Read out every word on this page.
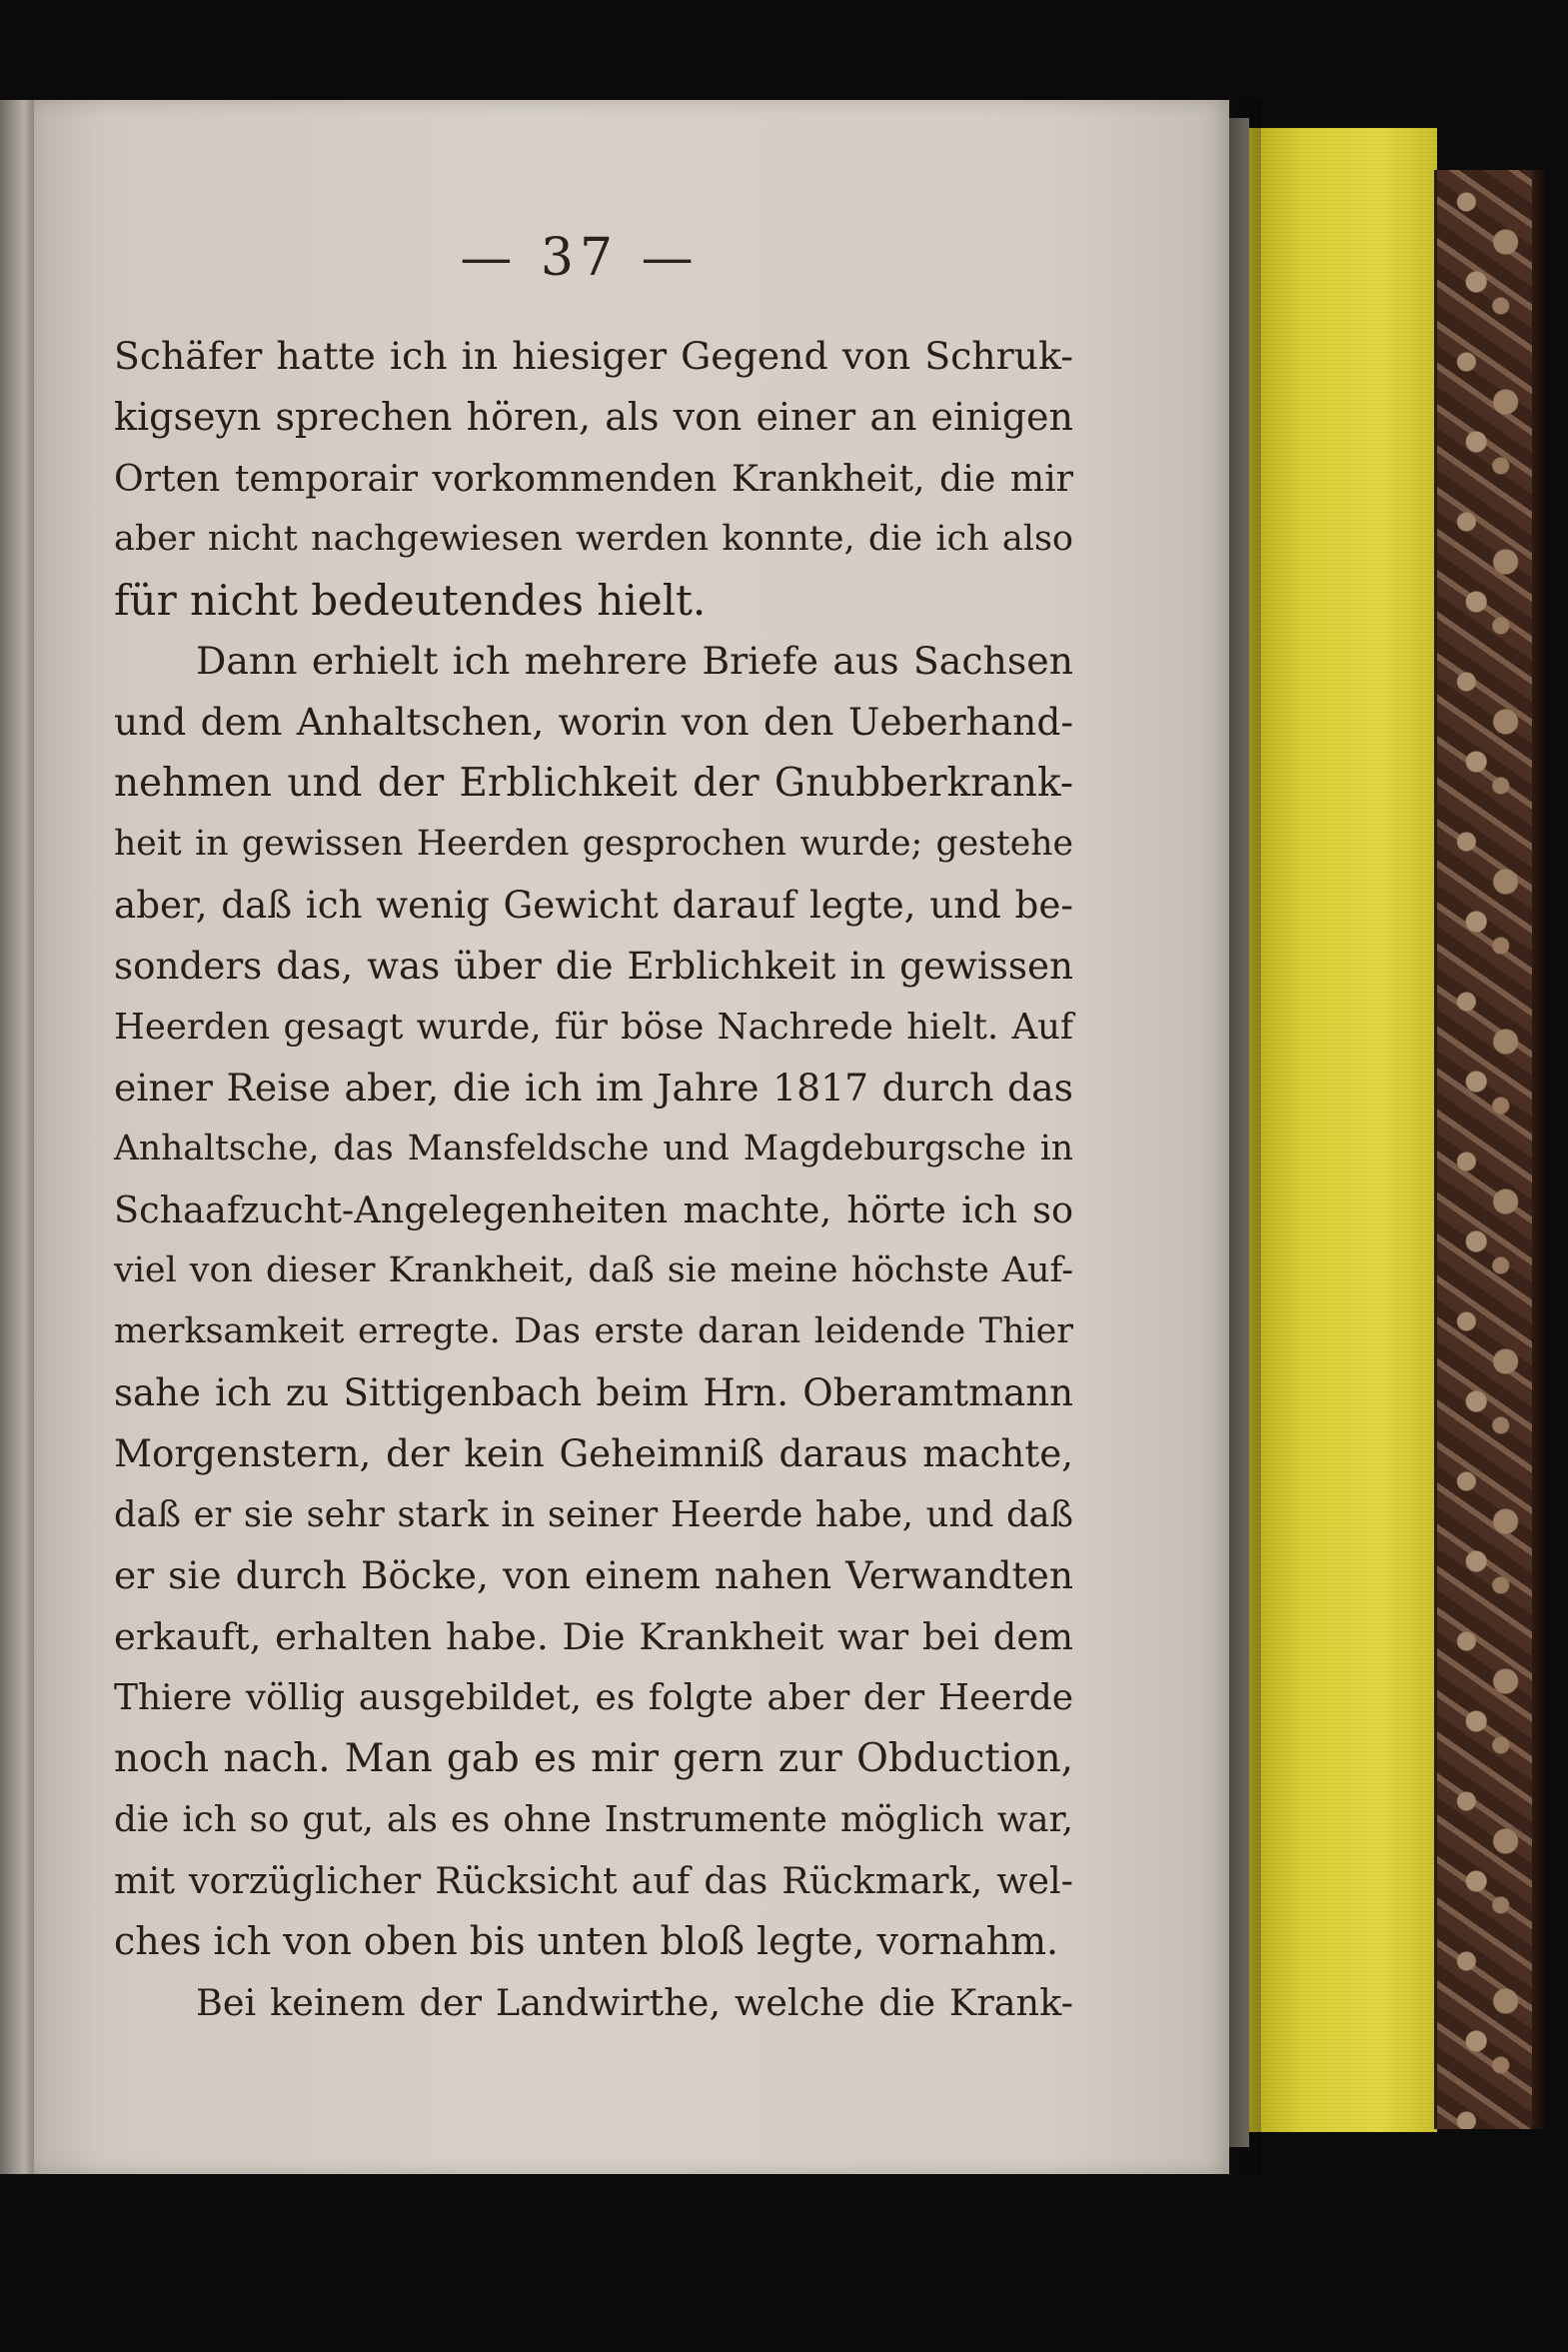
— 37 —
Schäfer hatte ich in hiesiger Gegend von Schruk-
kigseyn sprechen hören, als von einer an einigen
Orten temporair vorkommenden Krankheit, die mir
aber nicht nachgewiesen werden konnte, die ich also
für nicht bedeutendes hielt.
Dann erhielt ich mehrere Briefe aus Sachsen
und dem Anhaltschen, worin von den Ueberhand-
nehmen und der Erblichkeit der Gnubberkrank-
heit in gewissen Heerden gesprochen wurde; gestehe
aber, daß ich wenig Gewicht darauf legte, und be-
sonders das, was über die Erblichkeit in gewissen
Heerden gesagt wurde, für böse Nachrede hielt. Auf
einer Reise aber, die ich im Jahre 1817 durch das
Anhaltsche, das Mansfeldsche und Magdeburgsche in
Schaafzucht-Angelegenheiten machte, hörte ich so
viel von dieser Krankheit, daß sie meine höchste Auf-
merksamkeit erregte. Das erste daran leidende Thier
sahe ich zu Sittigenbach beim Hrn. Oberamtmann
Morgenstern, der kein Geheimniß daraus machte,
daß er sie sehr stark in seiner Heerde habe, und daß
er sie durch Böcke, von einem nahen Verwandten
erkauft, erhalten habe. Die Krankheit war bei dem
Thiere völlig ausgebildet, es folgte aber der Heerde
noch nach. Man gab es mir gern zur Obduction,
die ich so gut, als es ohne Instrumente möglich war,
mit vorzüglicher Rücksicht auf das Rückmark, wel-
ches ich von oben bis unten bloß legte, vornahm.
Bei keinem der Landwirthe, welche die Krank-
